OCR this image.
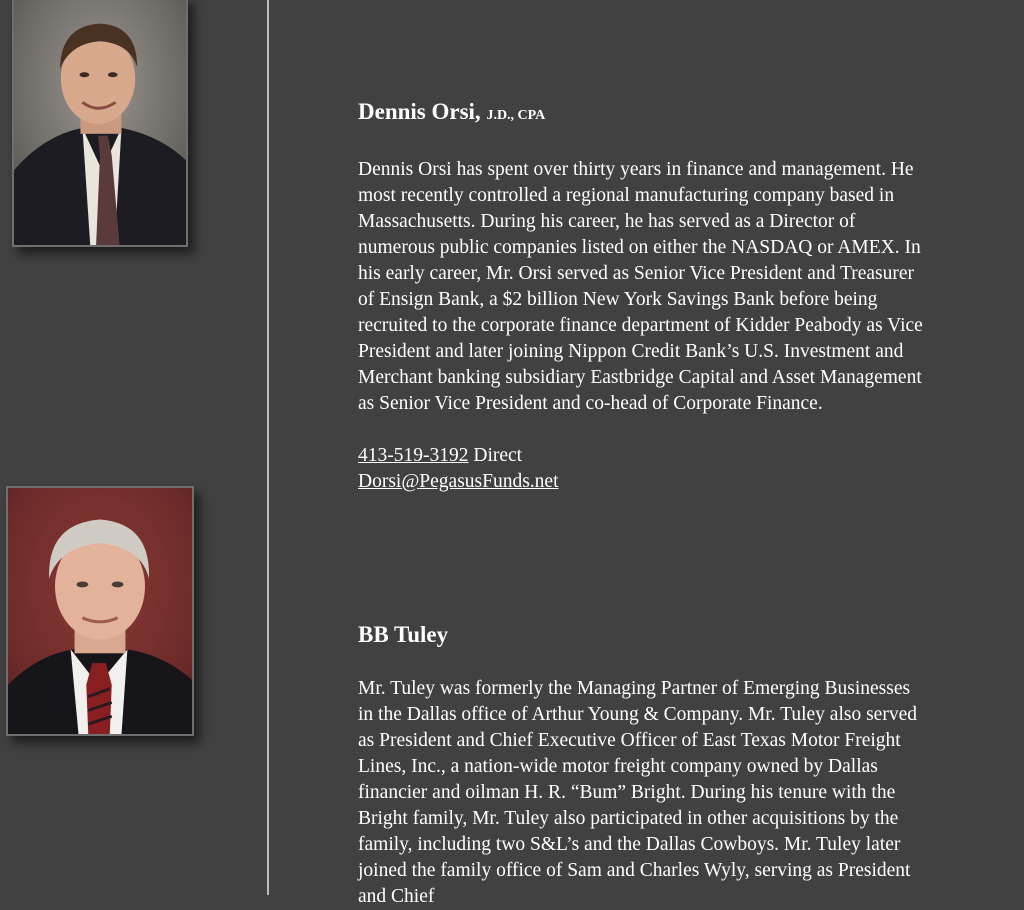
Dennis Orsi, J.D., CPA

Dennis Orsi has spent over thirty years in finance and management. He most recently controlled a regional manufacturing company based in Massachusetts. During his career, he has served as a Director of numerous public companies listed on either the NASDAQ or AMEX. In his early career, Mr. Orsi served as Senior Vice President and Treasurer of Ensign Bank, a $2 billion New York Savings Bank before being recruited to the corporate finance department of Kidder Peabody as Vice President and later joining Nippon Credit Bank’s U.S. Investment and Merchant banking subsidiary Eastbridge Capital and Asset Management as Senior Vice President and co-head of Corporate Finance.

413-519-3192 Direct
Dorsi@PegasusFunds.net
BB Tuley

Mr. Tuley was formerly the Managing Partner of Emerging Businesses in the Dallas office of Arthur Young & Company. Mr. Tuley also served as President and Chief Executive Officer of East Texas Motor Freight Lines, Inc., a nation-wide motor freight company owned by Dallas financier and oilman H. R. “Bum” Bright. During his tenure with the Bright family, Mr. Tuley also participated in other acquisitions by the family, including two S&L’s and the Dallas Cowboys. Mr. Tuley later joined the family office of Sam and Charles Wyly, serving as President and Chief
